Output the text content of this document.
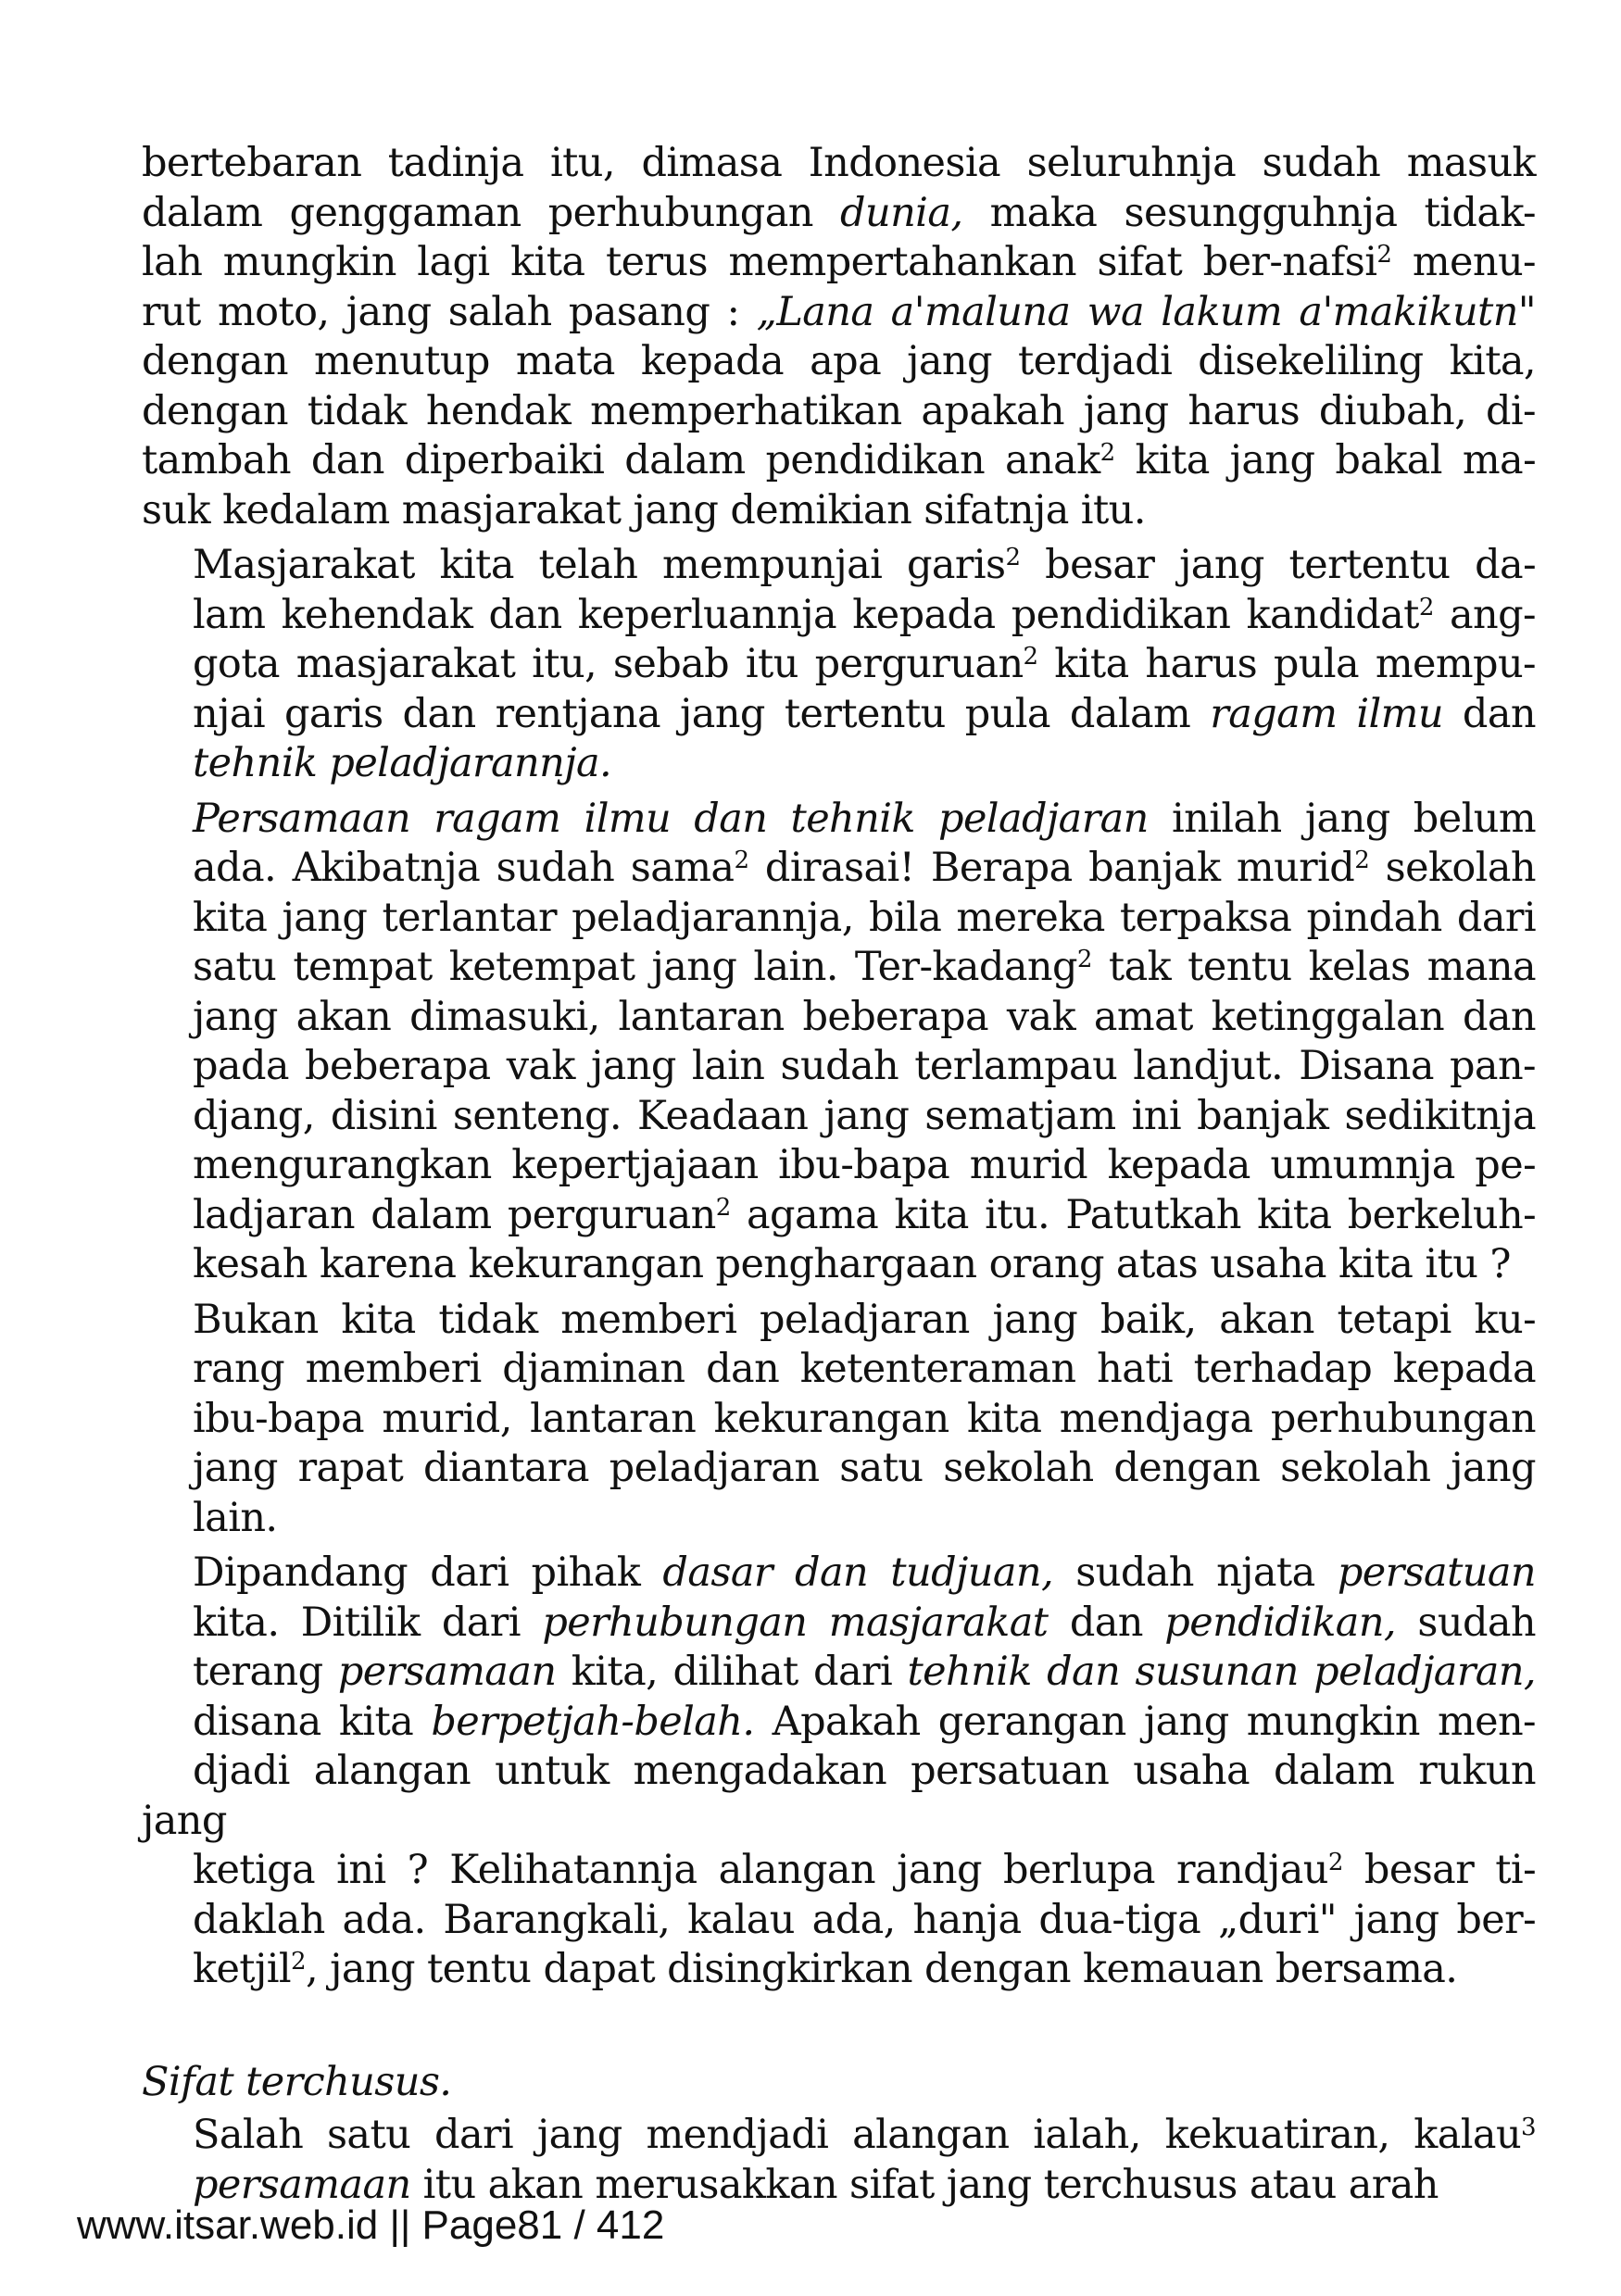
bertebaran tadinja itu, dimasa Indonesia seluruhnja sudah masuk
dalam genggaman perhubungan dunia, maka sesungguhnja tidak-
lah mungkin lagi kita terus mempertahankan sifat ber-nafsi$^2$ menu-
rut moto, jang salah pasang : „Lana a'maluna wa lakum a'makikutn"
dengan menutup mata kepada apa jang terdjadi disekeliling kita,
dengan tidak hendak memperhatikan apakah jang harus diubah, di-
tambah dan diperbaiki dalam pendidikan anak$^2$ kita jang bakal ma-
suk kedalam masjarakat jang demikian sifatnja itu.

Masjarakat kita telah mempunjai garis$^2$ besar jang tertentu da-
lam kehendak dan keperluannja kepada pendidikan kandidat$^2$ ang-
gota masjarakat itu, sebab itu perguruan$^2$ kita harus pula mempu-
njai garis dan rentjana jang tertentu pula dalam ragam ilmu dan
tehnik peladjarannja.

Persamaan ragam ilmu dan tehnik peladjaran inilah jang belum
ada. Akibatnja sudah sama$^2$ dirasai! Berapa banjak murid$^2$ sekolah
kita jang terlantar peladjarannja, bila mereka terpaksa pindah dari
satu tempat ketempat jang lain. Ter-kadang$^2$ tak tentu kelas mana
jang akan dimasuki, lantaran beberapa vak amat ketinggalan dan
pada beberapa vak jang lain sudah terlampau landjut. Disana pan-
djang, disini senteng. Keadaan jang sematjam ini banjak sedikitnja
mengurangkan kepertjajaan ibu-bapa murid kepada umumnja pe-
ladjaran dalam perguruan$^2$ agama kita itu. Patutkah kita berkeluh-
kesah karena kekurangan penghargaan orang atas usaha kita itu ?

Bukan kita tidak memberi peladjaran jang baik, akan tetapi ku-
rang memberi djaminan dan ketenteraman hati terhadap kepada
ibu-bapa murid, lantaran kekurangan kita mendjaga perhubungan
jang rapat diantara peladjaran satu sekolah dengan sekolah jang
lain.

Dipandang dari pihak dasar dan tudjuan, sudah njata persatuan
kita. Ditilik dari perhubungan masjarakat dan pendidikan, sudah
terang persamaan kita, dilihat dari tehnik dan susunan peladjaran,
disana kita berpetjah-belah. Apakah gerangan jang mungkin men-
djadi alangan untuk mengadakan persatuan usaha dalam rukun jang
ketiga ini ? Kelihatannja alangan jang berlupa randjau$^2$ besar ti-
daklah ada. Barangkali, kalau ada, hanja dua-tiga „duri" jang ber-
ketjil$^2$, jang tentu dapat disingkirkan dengan kemauan bersama.

Sifat terchusus.

Salah satu dari jang mendjadi alangan ialah, kekuatiran, kalau$^3$
persamaan itu akan merusakkan sifat jang terchusus atau arah

www.itsar.web.id || Page81 / 412
